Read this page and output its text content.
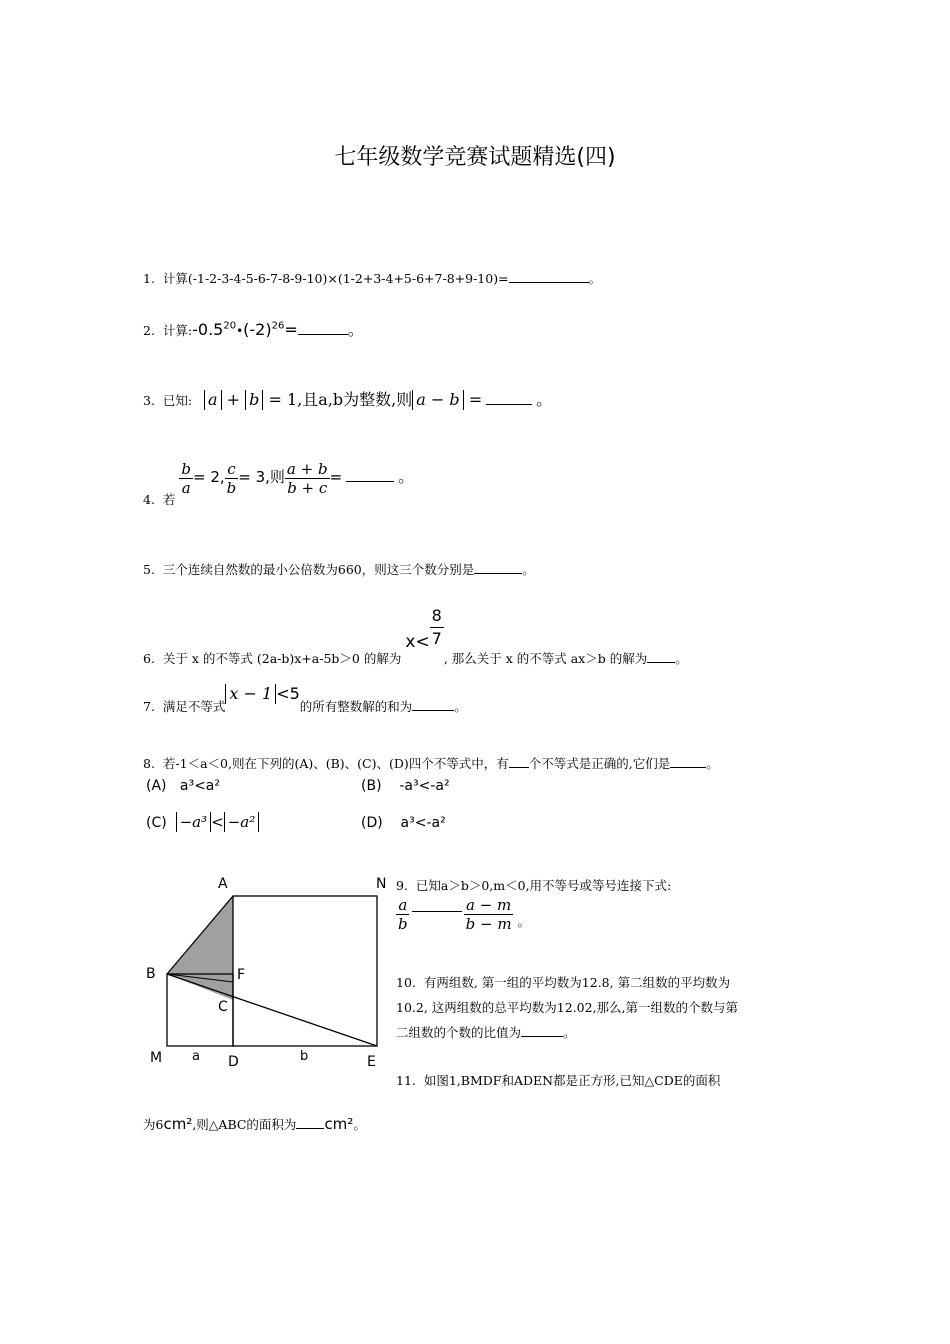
七年级数学竞赛试题精选(四)
1. 计算(-1-2-3-4-5-6-7-8-9-10)×(1-2+3-4+5-6+7-8+9-10)=	。
2. 计算$:-0.5^{20}•(-2)^{26}=$	。
3. 已知: a + b = 1,且a,b为整数,则 a − b =	。
4. 若
$\frac{b}{a} = 2$, $\frac{c}{b} = 3$,则 $\frac{a + b}{b + c}$ =	。
5. 三个连续自然数的最小公倍数为660，则这三个数分别是	。
6. 关于 x 的不等式 (2a-b)x+a-5b＞0 的解为 $x< \frac{8}{7}$
, 那么关于 x 的不等式 ax＞b 的解为 。
7. 满足不等式x − 1 <5的所有整数解的和为	。
8. 若-1＜a＜0,则在下列的(A)、(B)、(C)、(D)四个不等式中，有 个不等式是正确的,它们是	。
(A) a³<a²	(B) -a³<-a²
(C) −a³ < −a²	(D) a³<-a²
A	N
B	F
C
M	D	E
a	b
9. 已知a＞b＞0,m＜0,用不等号或等号连接下式:
$\frac{a}{b}$	$\frac{a - m}{b - m}$ 。
10. 有两组数, 第一组的平均数为12.8, 第二组数的平均数为
10.2, 这两组数的总平均数为12.02,那么,第一组数的个数与第
二组数的个数的比值为	。
11. 如图1,BMDF和ADEN都是正方形,已知△CDE的面积
为6cm²,则△ABC的面积为 cm²。
